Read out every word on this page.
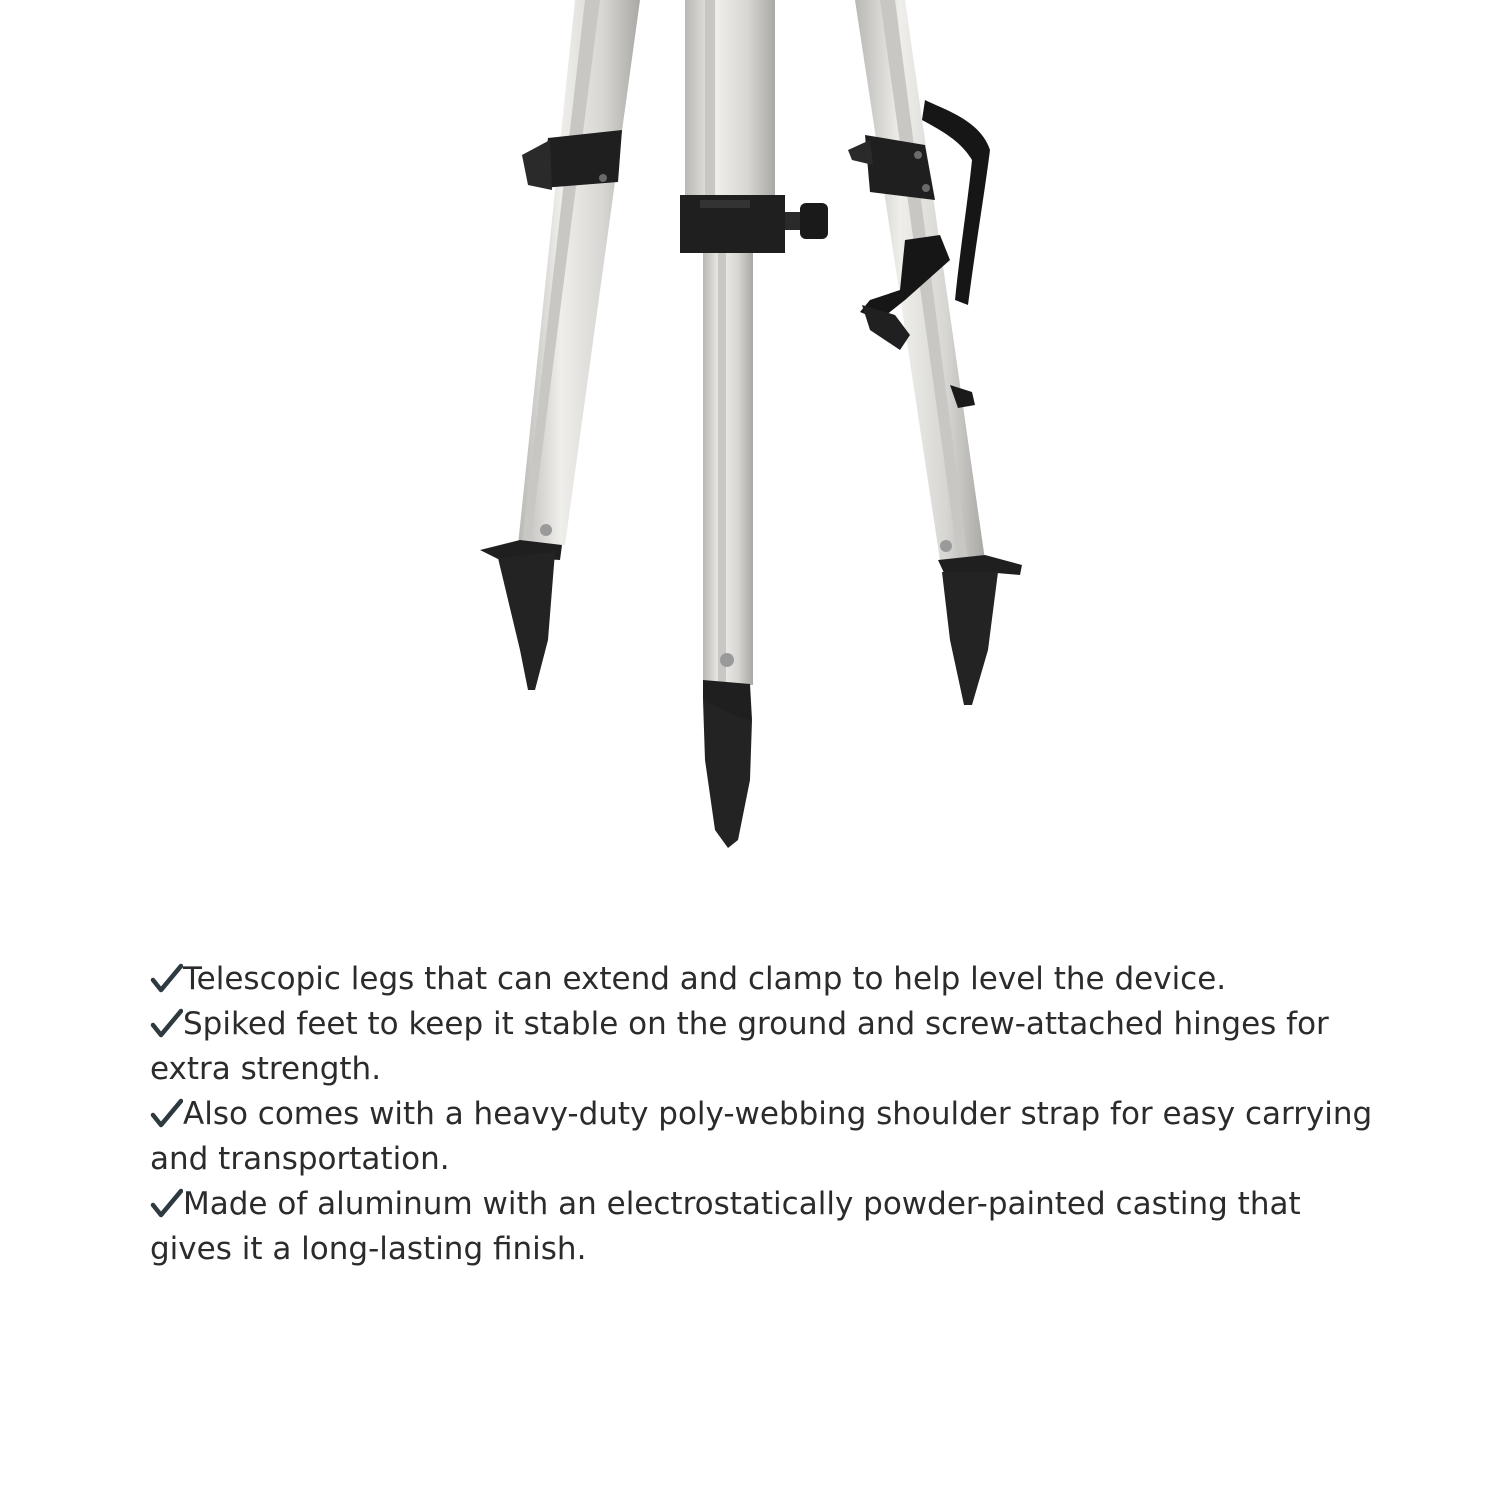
Telescopic legs that can extend and clamp to help level the device.
Spiked feet to keep it stable on the ground and screw-attached hinges for extra strength.
Also comes with a heavy-duty poly-webbing shoulder strap for easy carrying and transportation.
Made of aluminum with an electrostatically powder-painted casting that gives it a long-lasting finish.
